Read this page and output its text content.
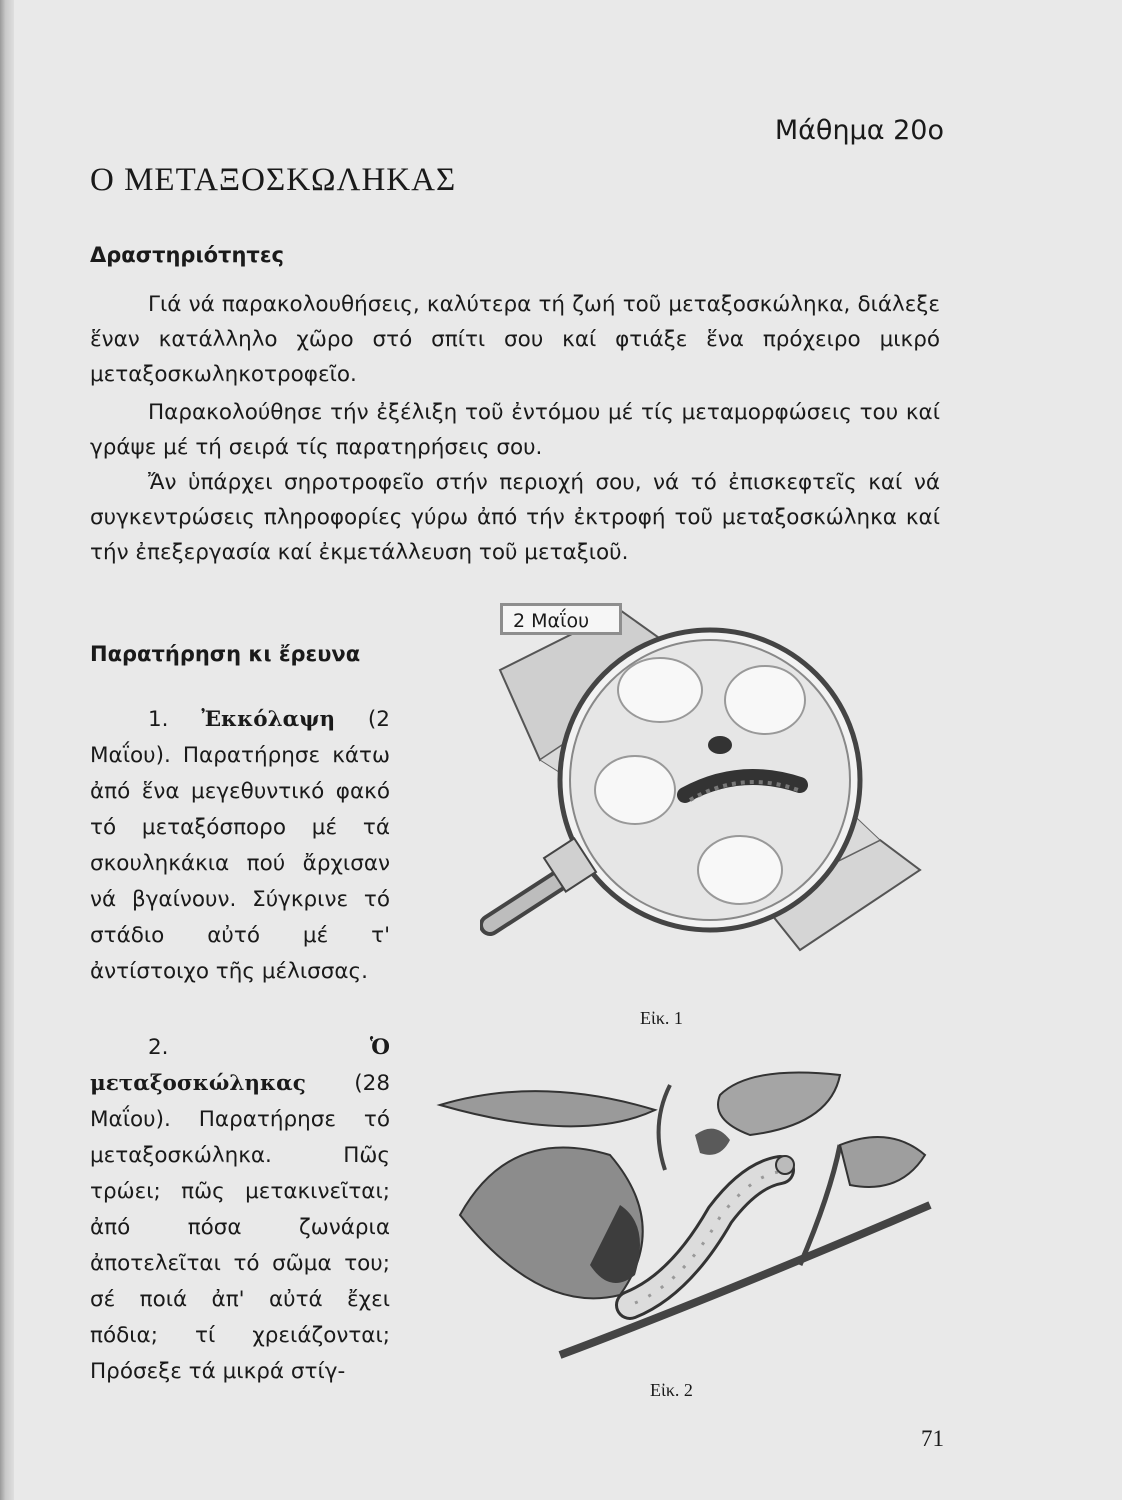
Μάθημα 20ο
Ο ΜΕΤΑΞΟΣΚΩΛΗΚΑΣ
Δραστηριότητες

Γιά νά παρακολουθήσεις, καλύτερα τή ζωή τοῦ μεταξοσκώληκα, διάλεξε ἕναν κατάλληλο χῶρο στό σπίτι σου καί φτιάξε ἕνα πρόχειρο μικρό μεταξοσκωληκοτροφεῖο.

Παρακολούθησε τήν ἐξέλιξη τοῦ ἐντόμου μέ τίς μεταμορφώσεις του καί γράψε μέ τή σειρά τίς παρατηρήσεις σου.

Ἄν ὑπάρχει σηροτροφεῖο στήν περιοχή σου, νά τό ἐπισκεφτεῖς καί νά συγκεντρώσεις πληροφορίες γύρω ἀπό τήν ἐκτροφή τοῦ μεταξοσκώληκα καί τήν ἐπεξεργασία καί ἐκμετάλλευση τοῦ μεταξιοῦ.

Παρατήρηση κι ἔρευνα

1. Ἐκκόλαψη (2 Μαΐου). Παρατήρησε κάτω ἀπό ἕνα μεγεθυντικό φακό τό μεταξόσπορο μέ τά σκουληκάκια πού ἄρχισαν νά βγαίνουν. Σύγκρινε τό στάδιο αὐτό μέ τ' ἀντίστοιχο τῆς μέλισσας.

2.	Ὁ μεταξοσκώληκας (28 Μαΐου). Παρατήρησε τό μεταξοσκώληκα. Πῶς τρώει; πῶς μετακινεῖται; ἀπό πόσα ζωνάρια ἀποτελεῖται τό σῶμα του; σέ ποιά ἀπ' αὐτά ἔχει πόδια; τί χρειάζονται; Πρόσεξε τά μικρά στίγ-

2 Μαΐου
Εἰκ. 1
Εἰκ. 2
71
